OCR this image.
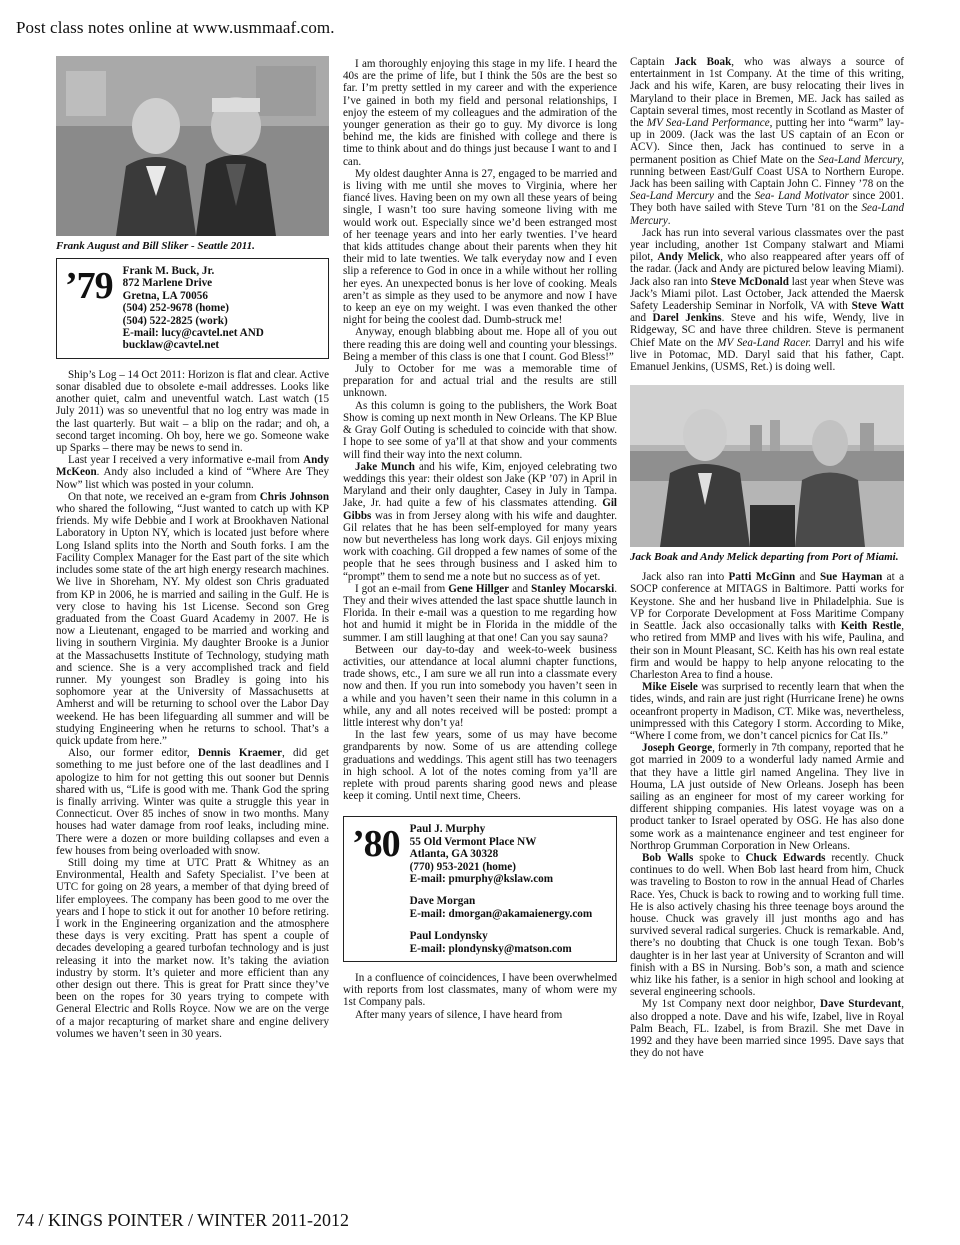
Post class notes online at www.usmmaaf.com.
Frank August and Bill Sliker - Seattle 2011.
’79 Frank M. Buck, Jr.
872 Marlene Drive
Gretna, LA 70056
(504) 252-9678 (home)
(504) 522-2825 (work)
E-mail: lucy@cavtel.net AND
bucklaw@cavtel.net

Ship’s Log – 14 Oct 2011: Horizon is flat and clear. Active sonar disabled due to obsolete e-mail addresses. Looks like another quiet, calm and uneventful watch. Last watch (15 July 2011) was so uneventful that no log entry was made in the last quarterly. But wait – a blip on the radar; and oh, a second target incoming. Oh boy, here we go. Someone wake up Sparks – there may be news to send in.

Last year I received a very informative e-mail from Andy McKeon. Andy also included a kind of “Where Are They Now” list which was posted in your column.

On that note, we received an e-gram from Chris Johnson who shared the following, “Just wanted to catch up with KP friends. My wife Debbie and I work at Brookhaven National Laboratory in Upton NY, which is located just before where Long Island splits into the North and South forks. I am the Facility Complex Manager for the East part of the site which includes some state of the art high energy research machines. We live in Shoreham, NY. My oldest son Chris graduated from KP in 2006, he is married and sailing in the Gulf. He is very close to having his 1st License. Second son Greg graduated from the Coast Guard Academy in 2007. He is now a Lieutenant, engaged to be married and working and living in southern Virginia. My daughter Brooke is a Junior at the Massachusetts Institute of Technology, studying math and science. She is a very accomplished track and field runner. My youngest son Bradley is going into his sophomore year at the University of Massachusetts at Amherst and will be returning to school over the Labor Day weekend. He has been lifeguarding all summer and will be studying Engineering when he returns to school. That’s a quick update from here.”

Also, our former editor, Dennis Kraemer, did get something to me just before one of the last deadlines and I apologize to him for not getting this out sooner but Dennis shared with us, “Life is good with me. Thank God the spring is finally arriving. Winter was quite a struggle this year in Connecticut. Over 85 inches of snow in two months. Many houses had water damage from roof leaks, including mine. There were a dozen or more building collapses and even a few houses from being overloaded with snow.

Still doing my time at UTC Pratt & Whitney as an Environmental, Health and Safety Specialist. I’ve been at UTC for going on 28 years, a member of that dying breed of lifer employees. The company has been good to me over the years and I hope to stick it out for another 10 before retiring. I work in the Engineering organization and the atmosphere these days is very exciting. Pratt has spent a couple of decades developing a geared turbofan technology and is just releasing it into the market now. It’s taking the aviation industry by storm. It’s quieter and more efficient than any other design out there. This is great for Pratt since they’ve been on the ropes for 30 years trying to compete with General Electric and Rolls Royce. Now we are on the verge of a major recapturing of market share and engine delivery volumes we haven’t seen in 30 years.

I am thoroughly enjoying this stage in my life. I heard the 40s are the prime of life, but I think the 50s are the best so far. I’m pretty settled in my career and with the experience I’ve gained in both my field and personal relationships, I enjoy the esteem of my colleagues and the admiration of the younger generation as their go to guy. My divorce is long behind me, the kids are finished with college and there is time to think about and do things just because I want to and I can.

My oldest daughter Anna is 27, engaged to be married and is living with me until she moves to Virginia, where her fiancé lives. Having been on my own all these years of being single, I wasn’t too sure having someone living with me would work out. Especially since we’d been estranged most of her teenage years and into her early twenties. I’ve heard that kids attitudes change about their parents when they hit their mid to late twenties. We talk everyday now and I even slip a reference to God in once in a while without her rolling her eyes. An unexpected bonus is her love of cooking. Meals aren’t as simple as they used to be anymore and now I have to keep an eye on my weight. I was even thanked the other night for being the coolest dad. Dumb-struck me!

Anyway, enough blabbing about me. Hope all of you out there reading this are doing well and counting your blessings. Being a member of this class is one that I count. God Bless!”

July to October for me was a memorable time of preparation for and actual trial and the results are still unknown.

As this column is going to the publishers, the Work Boat Show is coming up next month in New Orleans. The KP Blue & Gray Golf Outing is scheduled to coincide with that show. I hope to see some of ya’ll at that show and your comments will find their way into the next column.

Jake Munch and his wife, Kim, enjoyed celebrating two weddings this year: their oldest son Jake (KP ’07) in April in Maryland and their only daughter, Casey in July in Tampa. Jake, Jr. had quite a few of his classmates attending. Gil Gibbs was in from Jersey along with his wife and daughter. Gil relates that he has been self-employed for many years now but nevertheless has long work days. Gil enjoys mixing work with coaching. Gil dropped a few names of some of the people that he sees through business and I asked him to “prompt” them to send me a note but no success as of yet.

I got an e-mail from Gene Hillger and Stanley Mocarski. They and their wives attended the last space shuttle launch in Florida. In their e-mail was a question to me regarding how hot and humid it might be in Florida in the middle of the summer. I am still laughing at that one! Can you say sauna?

Between our day-to-day and week-to-week business activities, our attendance at local alumni chapter functions, trade shows, etc., I am sure we all run into a classmate every now and then. If you run into somebody you haven’t seen in a while and you haven’t seen their name in this column in a while, any and all notes received will be posted: prompt a little interest why don’t ya!

In the last few years, some of us may have become grandparents by now. Some of us are attending college graduations and weddings. This agent still has two teenagers in high school. A lot of the notes coming from ya’ll are replete with proud parents sharing good news and please keep it coming. Until next time, Cheers.

’80 Paul J. Murphy
55 Old Vermont Place NW
Atlanta, GA 30328
(770) 953-2021 (home)
E-mail: pmurphy@kslaw.com
Dave Morgan
E-mail: dmorgan@akamaienergy.com
Paul Londynsky
E-mail: plondynsky@matson.com

In a confluence of coincidences, I have been overwhelmed with reports from lost classmates, many of whom were my 1st Company pals.

After many years of silence, I have heard from

Captain Jack Boak, who was always a source of entertainment in 1st Company. At the time of this writing, Jack and his wife, Karen, are busy relocating their lives in Maryland to their place in Bremen, ME. Jack has sailed as Captain several times, most recently in Scotland as Master of the MV Sea-Land Performance, putting her into “warm” lay-up in 2009. (Jack was the last US captain of an Econ or ACV). Since then, Jack has continued to serve in a permanent position as Chief Mate on the Sea-Land Mercury, running between East/Gulf Coast USA to Northern Europe. Jack has been sailing with Captain John C. Finney ’78 on the Sea-Land Mercury and the Sea- Land Motivator since 2001. They both have sailed with Steve Turn ’81 on the Sea-Land Mercury.

Jack has run into several various classmates over the past year including, another 1st Company stalwart and Miami pilot, Andy Melick, who also reappeared after years off of the radar. (Jack and Andy are pictured below leaving Miami). Jack also ran into Steve McDonald last year when Steve was Jack’s Miami pilot. Last October, Jack attended the Maersk Safety Leadership Seminar in Norfolk, VA with Steve Watt and Darel Jenkins. Steve and his wife, Wendy, live in Ridgeway, SC and have three children. Steve is permanent Chief Mate on the MV Sea-Land Racer. Darryl and his wife live in Potomac, MD. Daryl said that his father, Capt. Emanuel Jenkins, (USMS, Ret.) is doing well.

Jack Boak and Andy Melick departing from Port of Miami.

Jack also ran into Patti McGinn and Sue Hayman at a SOCP conference at MITAGS in Baltimore. Patti works for Keystone. She and her husband live in Philadelphia. Sue is VP for Corporate Development at Foss Maritime Company in Seattle. Jack also occasionally talks with Keith Restle, who retired from MMP and lives with his wife, Paulina, and their son in Mount Pleasant, SC. Keith has his own real estate firm and would be happy to help anyone relocating to the Charleston Area to find a house.

Mike Eisele was surprised to recently learn that when the tides, winds, and rain are just right (Hurricane Irene) he owns oceanfront property in Madison, CT. Mike was, nevertheless, unimpressed with this Category I storm. According to Mike, “Where I come from, we don’t cancel picnics for Cat IIs.”

Joseph George, formerly in 7th company, reported that he got married in 2009 to a wonderful lady named Armie and that they have a little girl named Angelina. They live in Houma, LA just outside of New Orleans. Joseph has been sailing as an engineer for most of my career working for different shipping companies. His latest voyage was on a product tanker to Israel operated by OSG. He has also done some work as a maintenance engineer and test engineer for Northrop Grumman Corporation in New Orleans.

Bob Walls spoke to Chuck Edwards recently. Chuck continues to do well. When Bob last heard from him, Chuck was traveling to Boston to row in the annual Head of Charles Race. Yes, Chuck is back to rowing and to working full time. He is also actively chasing his three teenage boys around the house. Chuck was gravely ill just months ago and has survived several radical surgeries. Chuck is remarkable. And, there’s no doubting that Chuck is one tough Texan. Bob’s daughter is in her last year at University of Scranton and will finish with a BS in Nursing. Bob’s son, a math and science whiz like his father, is a senior in high school and looking at several engineering schools.

My 1st Company next door neighbor, Dave Sturdevant, also dropped a note. Dave and his wife, Izabel, live in Royal Palm Beach, FL. Izabel, is from Brazil. She met Dave in 1992 and they have been married since 1995. Dave says that they do not have

74 / KINGS POINTER / WINTER 2011-2012
